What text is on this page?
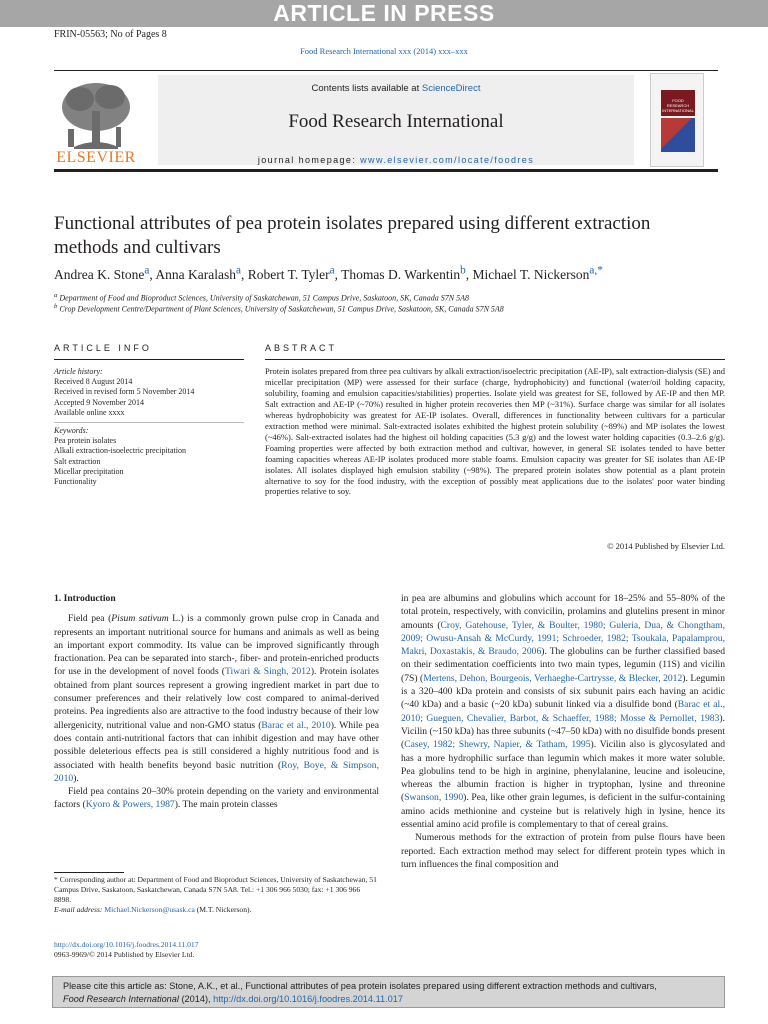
ARTICLE IN PRESS
FRIN-05563; No of Pages 8
Food Research International xxx (2014) xxx–xxx
ELSEVIER
Contents lists available at ScienceDirect
Food Research International
journal homepage: www.elsevier.com/locate/foodres
FOOD RESEARCH INTERNATIONAL
Functional attributes of pea protein isolates prepared using different extraction methods and cultivars
Andrea K. Stone$^a$, Anna Karalash$^a$, Robert T. Tyler$^a$, Thomas D. Warkentin$^b$, Michael T. Nickerson$^{a,*}$
$^a$ Department of Food and Bioproduct Sciences, University of Saskatchewan, 51 Campus Drive, Saskatoon, SK, Canada S7N 5A8
$^b$ Crop Development Centre/Department of Plant Sciences, University of Saskatchewan, 51 Campus Drive, Saskatoon, SK, Canada S7N 5A8
ARTICLE INFO	ABSTRACT
Article history:
Received 8 August 2014
Received in revised form 5 November 2014
Accepted 9 November 2014
Available online xxxx
Keywords:
Pea protein isolates
Alkali extraction-isoelectric precipitation
Salt extraction
Micellar precipitation
Functionality
Protein isolates prepared from three pea cultivars by alkali extraction/isoelectric precipitation (AE-IP), salt extraction-dialysis (SE) and micellar precipitation (MP) were assessed for their surface (charge, hydrophobicity) and functional (water/oil holding capacity, solubility, foaming and emulsion capacities/stabilities) properties. Isolate yield was greatest for SE, followed by AE-IP and then MP. Salt extraction and AE-IP (~70%) resulted in higher protein recoveries then MP (~31%). Surface charge was similar for all isolates whereas hydrophobicity was greatest for AE-IP isolates. Overall, differences in functionality between cultivars for a particular extraction method were minimal. Salt-extracted isolates exhibited the highest protein solubility (~89%) and MP isolates the lowest (~46%). Salt-extracted isolates had the highest oil holding capacities (5.3 g/g) and the lowest water holding capacities (0.3–2.6 g/g). Foaming properties were affected by both extraction method and cultivar, however, in general SE isolates tended to have better foaming capacities whereas AE-IP isolates produced more stable foams. Emulsion capacity was greater for SE isolates than AE-IP isolates. All isolates displayed high emulsion stability (~98%). The prepared protein isolates show potential as a plant protein alternative to soy for the food industry, with the exception of possibly meat applications due to the isolates' poor water binding properties relative to soy.
© 2014 Published by Elsevier Ltd.
1. Introduction

Field pea (Pisum sativum L.) is a commonly grown pulse crop in Canada and represents an important nutritional source for humans and animals as well as being an important export commodity. Its value can be improved significantly through fractionation. Pea can be separated into starch-, fiber- and protein-enriched products for use in the development of novel foods (Tiwari & Singh, 2012). Protein isolates obtained from plant sources represent a growing ingredient market in part due to consumer preferences and their relatively low cost compared to animal-derived proteins. Pea ingredients also are attractive to the food industry because of their low allergenicity, nutritional value and non-GMO status (Barac et al., 2010). While pea does contain anti-nutritional factors that can inhibit digestion and may have other possible deleterious effects pea is still considered a highly nutritious food and is associated with health benefits beyond basic nutrition (Roy, Boye, & Simpson, 2010).

Field pea contains 20–30% protein depending on the variety and environmental factors (Kyoro & Powers, 1987). The main protein classes

in pea are albumins and globulins which account for 18–25% and 55–80% of the total protein, respectively, with convicilin, prolamins and glutelins present in minor amounts (Croy, Gatehouse, Tyler, & Boulter, 1980; Guleria, Dua, & Chongtham, 2009; Owusu-Ansah & McCurdy, 1991; Schroeder, 1982; Tsoukala, Papalamprou, Makri, Doxastakis, & Braudo, 2006). The globulins can be further classified based on their sedimentation coefficients into two main types, legumin (11S) and vicilin (7S) (Mertens, Dehon, Bourgeois, Verhaeghe-Cartrysse, & Blecker, 2012). Legumin is a 320–400 kDa protein and consists of six subunit pairs each having an acidic (~40 kDa) and a basic (~20 kDa) subunit linked via a disulfide bond (Barac et al., 2010; Gueguen, Chevalier, Barbot, & Schaeffer, 1988; Mosse & Pernollet, 1983). Vicilin (~150 kDa) has three subunits (~47–50 kDa) with no disulfide bonds present (Casey, 1982; Shewry, Napier, & Tatham, 1995). Vicilin also is glycosylated and has a more hydrophilic surface than legumin which makes it more water soluble. Pea globulins tend to be high in arginine, phenylalanine, leucine and isoleucine, whereas the albumin fraction is higher in tryptophan, lysine and threonine (Swanson, 1990). Pea, like other grain legumes, is deficient in the sulfur-containing amino acids methionine and cysteine but is relatively high in lysine, hence its essential amino acid profile is complementary to that of cereal grains.

Numerous methods for the extraction of protein from pulse flours have been reported. Each extraction method may select for different protein types which in turn influences the final composition and

* Corresponding author at: Department of Food and Bioproduct Sciences, University of Saskatchewan, 51 Campus Drive, Saskatoon, Saskatchewan, Canada S7N 5A8. Tel.: +1 306 966 5030; fax: +1 306 966 8898.
E-mail address: Michael.Nickerson@usask.ca (M.T. Nickerson).
http://dx.doi.org/10.1016/j.foodres.2014.11.017
0963-9969/© 2014 Published by Elsevier Ltd.
Please cite this article as: Stone, A.K., et al., Functional attributes of pea protein isolates prepared using different extraction methods and cultivars,
Food Research International (2014), http://dx.doi.org/10.1016/j.foodres.2014.11.017
